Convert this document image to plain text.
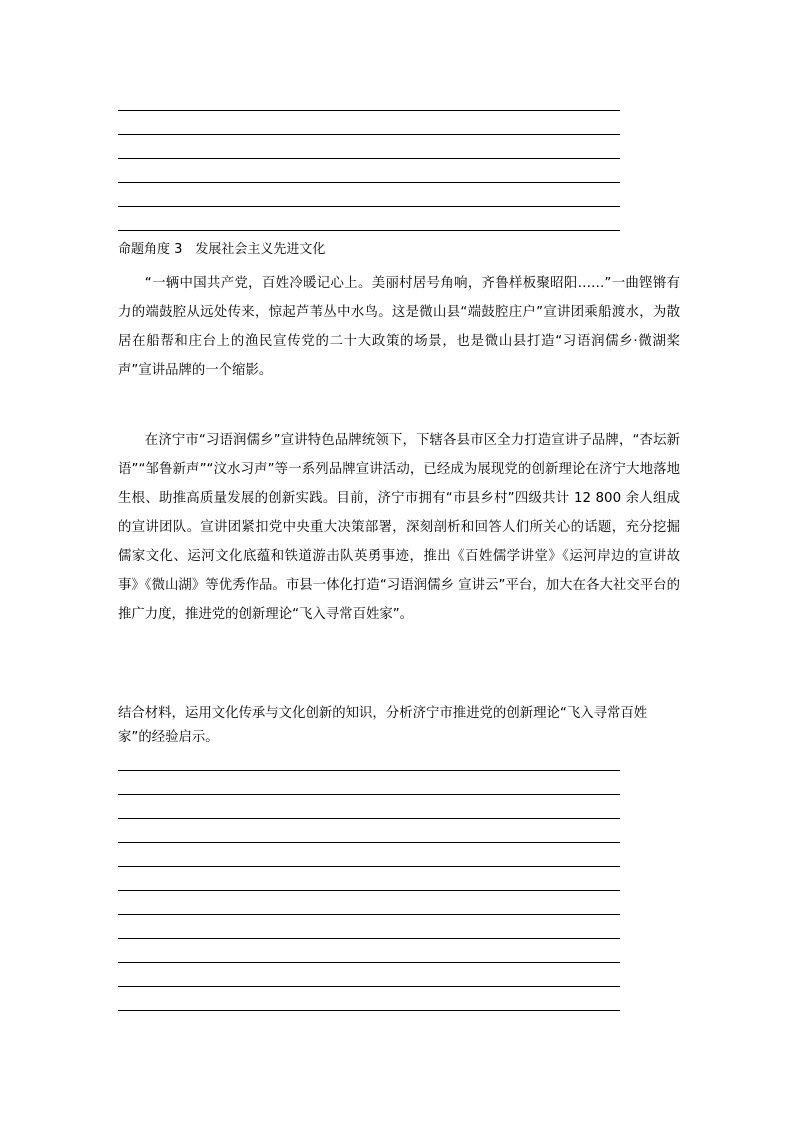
命题角度 3　发展社会主义先进文化

“一辆中国共产党，百姓冷暖记心上。美丽村居号角响，齐鲁样板聚昭阳……”一曲铿锵有力的端鼓腔从远处传来，惊起芦苇丛中水鸟。这是微山县“端鼓腔庄户”宣讲团乘船渡水，为散居在船帮和庄台上的渔民宣传党的二十大政策的场景，也是微山县打造“习语润儒乡·微湖桨声”宣讲品牌的一个缩影。

在济宁市“习语润儒乡”宣讲特色品牌统领下，下辖各县市区全力打造宣讲子品牌，“杏坛新语”“邹鲁新声”“汶水习声”等一系列品牌宣讲活动，已经成为展现党的创新理论在济宁大地落地生根、助推高质量发展的创新实践。目前，济宁市拥有“市县乡村”四级共计 12 800 余人组成的宣讲团队。宣讲团紧扣党中央重大决策部署，深刻剖析和回答人们所关心的话题，充分挖掘儒家文化、运河文化底蕴和铁道游击队英勇事迹，推出《百姓儒学讲堂》《运河岸边的宣讲故事》《微山湖》等优秀作品。市县一体化打造“习语润儒乡 宣讲云”平台，加大在各大社交平台的推广力度，推进党的创新理论“飞入寻常百姓家”。

结合材料，运用文化传承与文化创新的知识，分析济宁市推进党的创新理论“飞入寻常百姓家”的经验启示。
